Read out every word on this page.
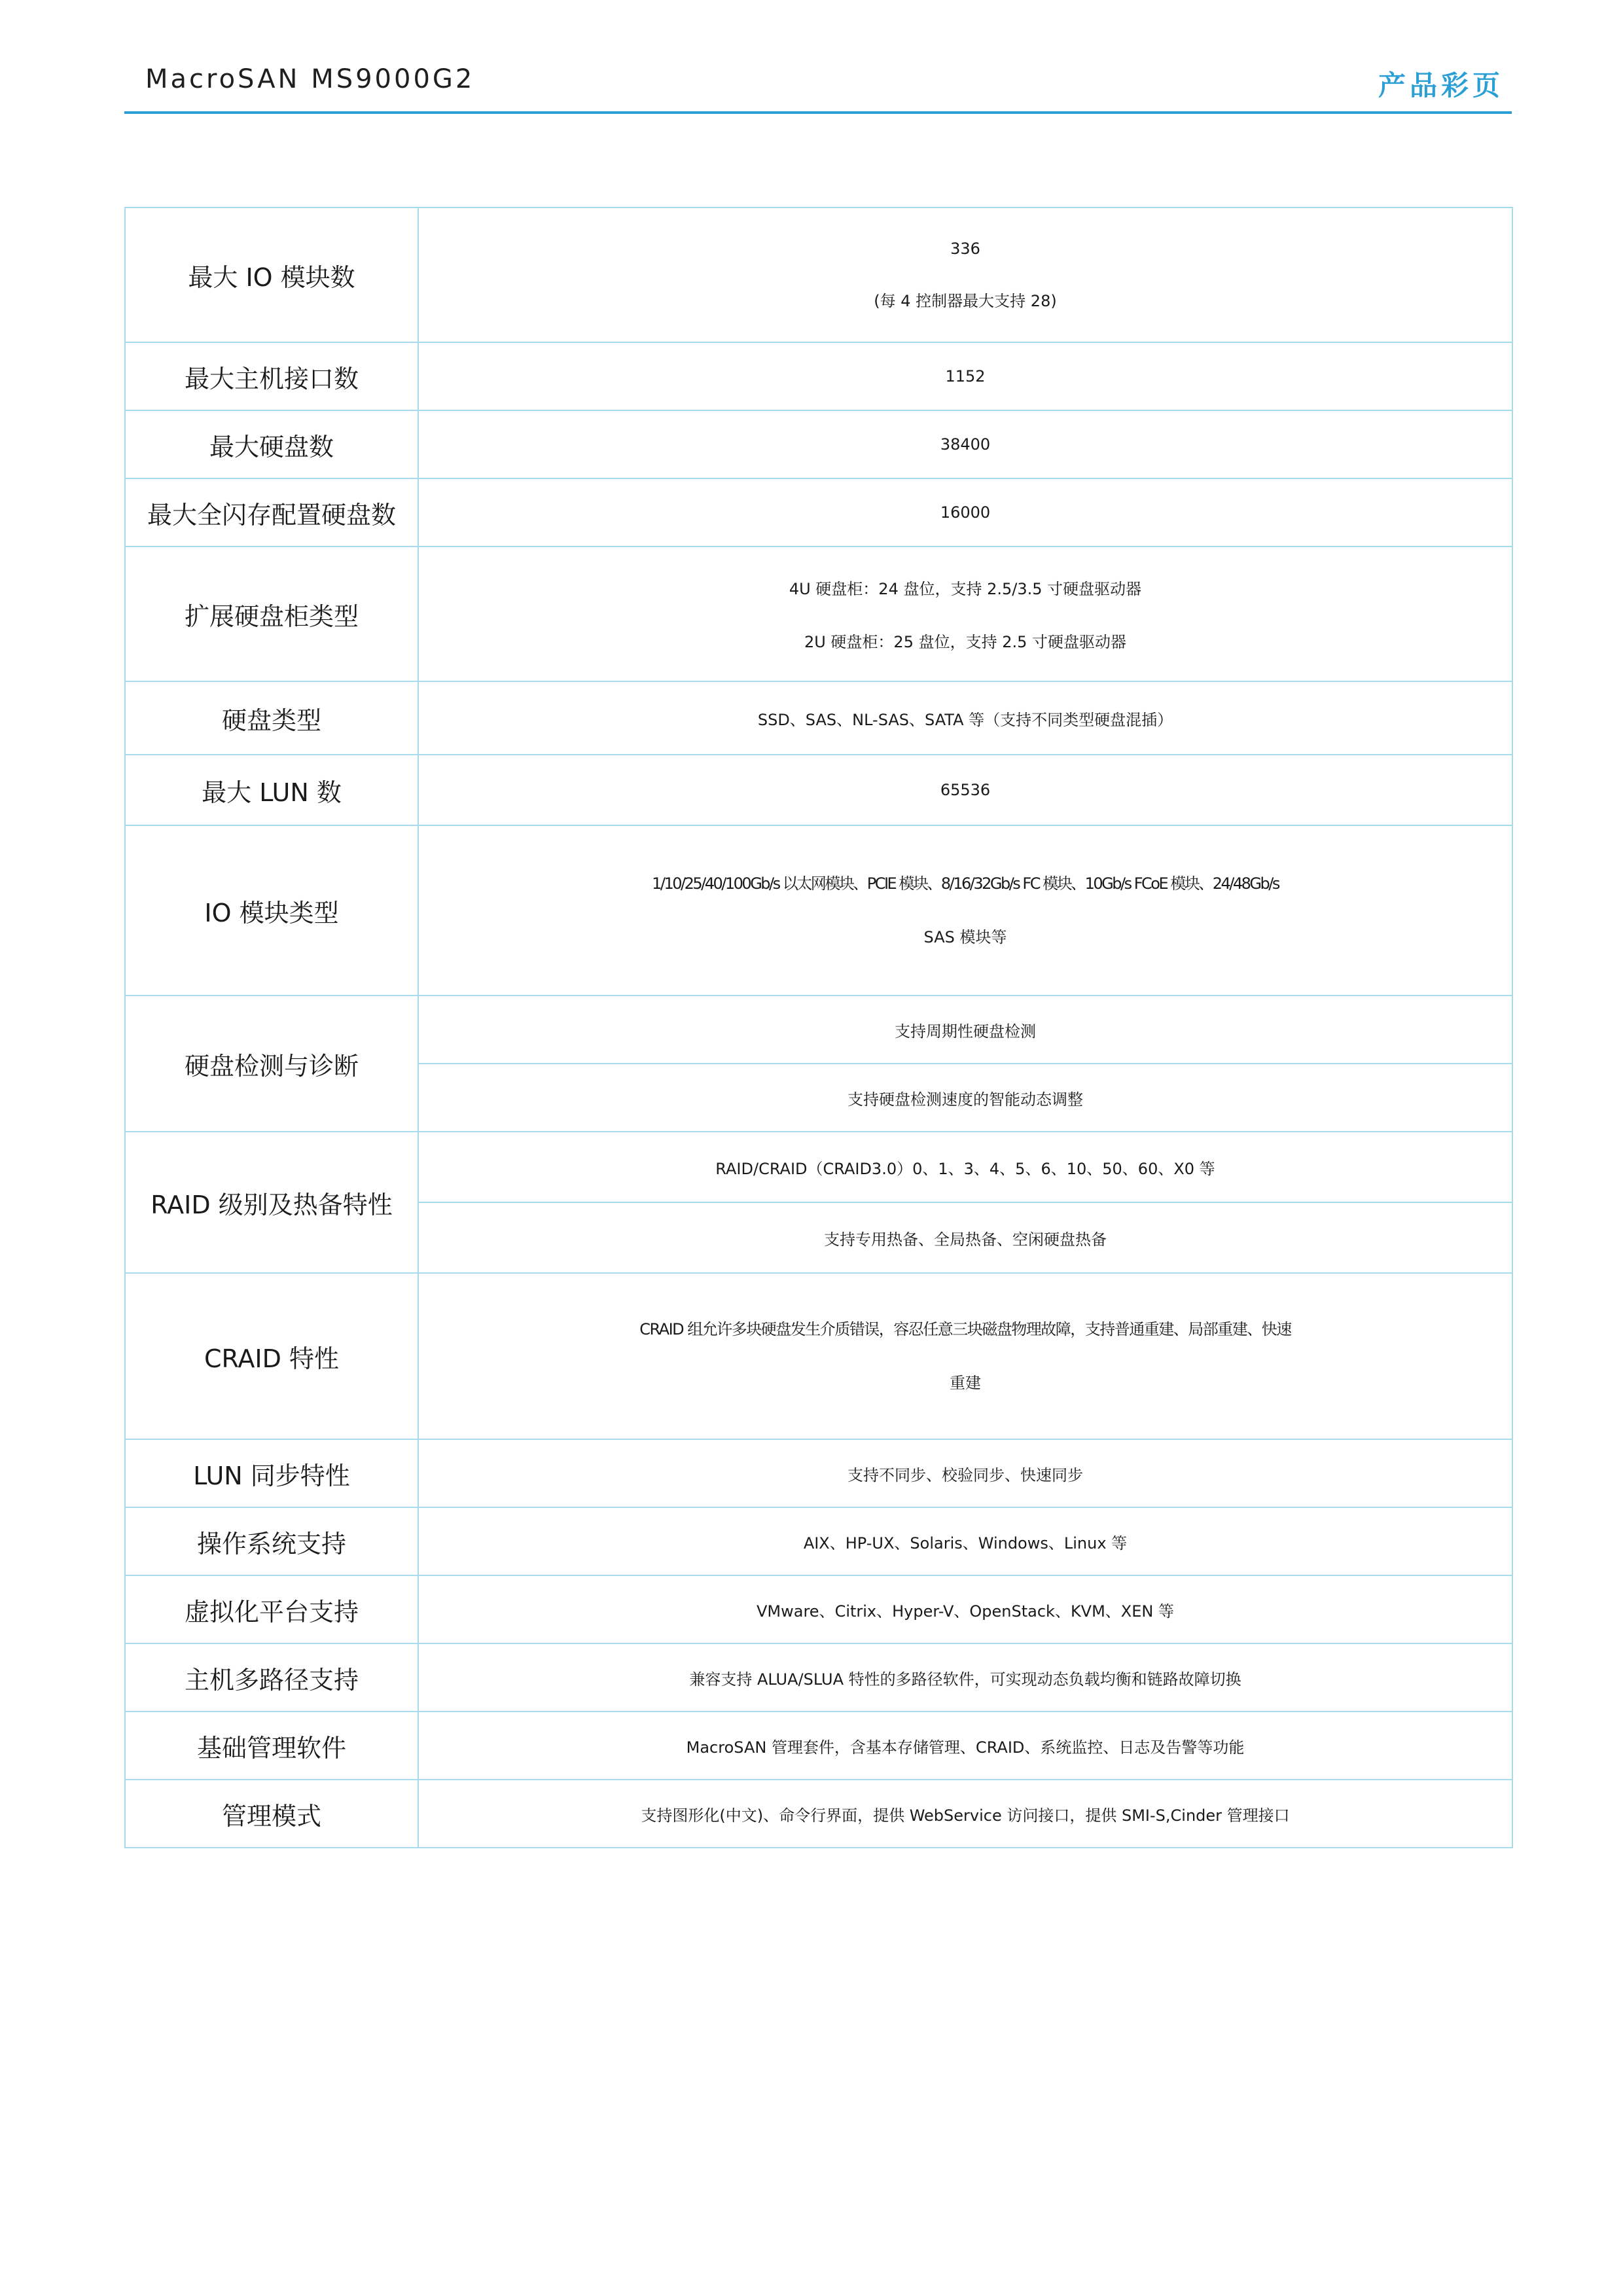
MacroSAN MS9000G2	产品彩页
最大 IO 模块数	336
(每 4 控制器最大支持 28)

最大主机接口数	1152
最大硬盘数	38400
最大全闪存配置硬盘数	16000
扩展硬盘柜类型	4U 硬盘柜：24 盘位，支持 2.5/3.5 寸硬盘驱动器
2U 硬盘柜：25 盘位，支持 2.5 寸硬盘驱动器

硬盘类型	SSD、SAS、NL-SAS、SATA 等（支持不同类型硬盘混插）
最大 LUN 数	65536
IO 模块类型	1/10/25/40/100Gb/s 以太网模块、PCIE 模块、8/16/32Gb/s FC 模块、10Gb/s FCoE 模块、24/48Gb/s
SAS 模块等

硬盘检测与诊断	支持周期性硬盘检测
	支持硬盘检测速度的智能动态调整
RAID 级别及热备特性	RAID/CRAID（CRAID3.0）0、1、3、4、5、6、10、50、60、X0 等
	支持专用热备、全局热备、空闲硬盘热备
CRAID 特性	CRAID 组允许多块硬盘发生介质错误，容忍任意三块磁盘物理故障，支持普通重建、局部重建、快速
重建

LUN 同步特性	支持不同步、校验同步、快速同步
操作系统支持	AIX、HP-UX、Solaris、Windows、Linux 等
虚拟化平台支持	VMware、Citrix、Hyper-V、OpenStack、KVM、XEN 等
主机多路径支持	兼容支持 ALUA/SLUA 特性的多路径软件，可实现动态负载均衡和链路故障切换
基础管理软件	MacroSAN 管理套件，含基本存储管理、CRAID、系统监控、日志及告警等功能
管理模式	支持图形化(中文)、命令行界面，提供 WebService 访问接口，提供 SMI-S,Cinder 管理接口
